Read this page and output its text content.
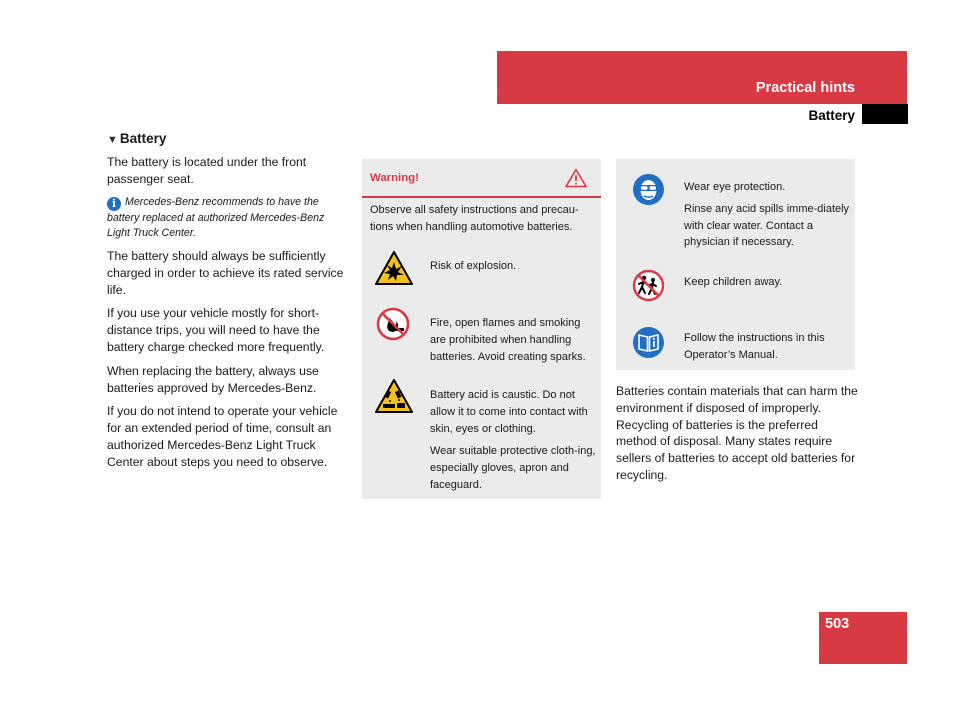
Practical hints
Battery
▼ Battery

The battery is located under the front passenger seat.

i Mercedes-Benz recommends to have the battery replaced at authorized Mercedes-Benz Light Truck Center.

The battery should always be sufficiently charged in order to achieve its rated service life.

If you use your vehicle mostly for short-distance trips, you will need to have the battery charge checked more frequently.

When replacing the battery, always use batteries approved by Mercedes-Benz.

If you do not intend to operate your vehicle for an extended period of time, consult an authorized Mercedes-Benz Light Truck Center about steps you need to observe.

Warning!
Observe all safety instructions and precau-tions when handling automotive batteries.

Risk of explosion.

Fire, open flames and smoking are prohibited when handling batteries. Avoid creating sparks.

Battery acid is caustic. Do not allow it to come into contact with skin, eyes or clothing.

Wear suitable protective cloth-ing, especially gloves, apron and faceguard.

Wear eye protection.

Rinse any acid spills imme-diately with clear water. Contact a physician if necessary.

Keep children away.

Follow the instructions in this Operator’s Manual.

Batteries contain materials that can harm the environment if disposed of improperly. Recycling of batteries is the preferred method of disposal. Many states require sellers of batteries to accept old batteries for recycling.

503
